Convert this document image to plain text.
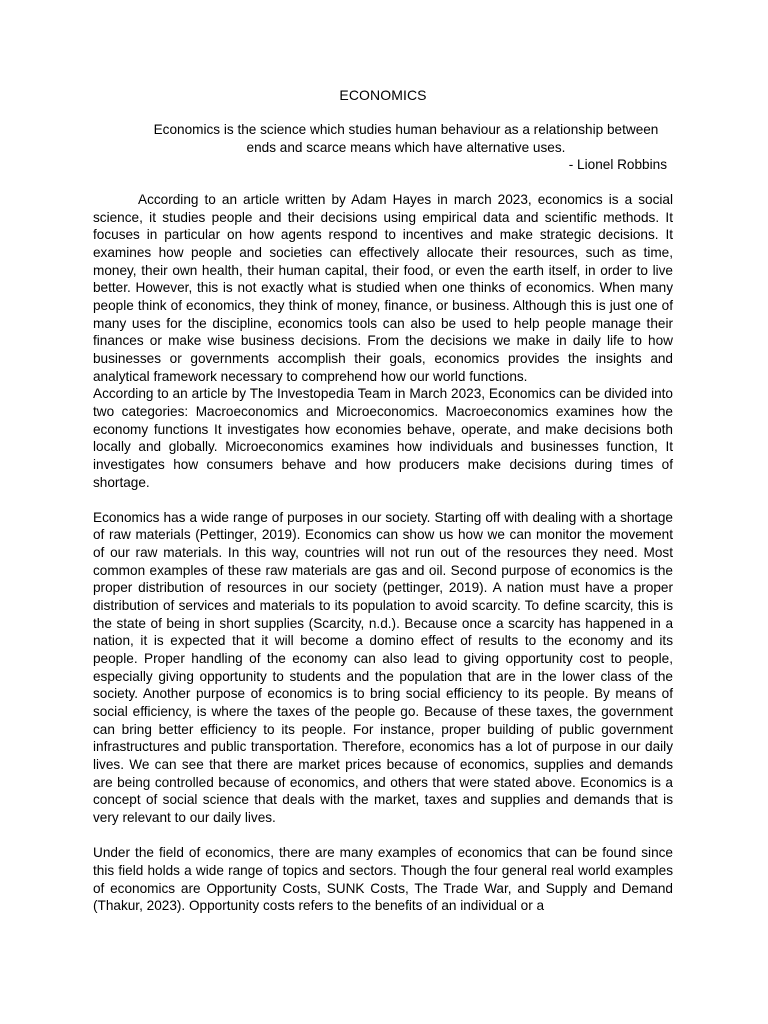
ECONOMICS
Economics is the science which studies human behaviour as a relationship between ends and scarce means which have alternative uses.
- Lionel Robbins

According to an article written by Adam Hayes in march 2023, economics is a social science, it studies people and their decisions using empirical data and scientific methods. It focuses in particular on how agents respond to incentives and make strategic decisions. It examines how people and societies can effectively allocate their resources, such as time, money, their own health, their human capital, their food, or even the earth itself, in order to live better. However, this is not exactly what is studied when one thinks of economics. When many people think of economics, they think of money, finance, or business. Although this is just one of many uses for the discipline, economics tools can also be used to help people manage their finances or make wise business decisions. From the decisions we make in daily life to how businesses or governments accomplish their goals, economics provides the insights and analytical framework necessary to comprehend how our world functions.

According to an article by The Investopedia Team in March 2023, Economics can be divided into two categories: Macroeconomics and Microeconomics. Macroeconomics examines how the economy functions It investigates how economies behave, operate, and make decisions both locally and globally. Microeconomics examines how individuals and businesses function, It investigates how consumers behave and how producers make decisions during times of shortage.

Economics has a wide range of purposes in our society. Starting off with dealing with a shortage of raw materials (Pettinger, 2019). Economics can show us how we can monitor the movement of our raw materials. In this way, countries will not run out of the resources they need. Most common examples of these raw materials are gas and oil. Second purpose of economics is the proper distribution of resources in our society (pettinger, 2019). A nation must have a proper distribution of services and materials to its population to avoid scarcity. To define scarcity, this is the state of being in short supplies (Scarcity, n.d.). Because once a scarcity has happened in a nation, it is expected that it will become a domino effect of results to the economy and its people. Proper handling of the economy can also lead to giving opportunity cost to people, especially giving opportunity to students and the population that are in the lower class of the society. Another purpose of economics is to bring social efficiency to its people. By means of social efficiency, is where the taxes of the people go. Because of these taxes, the government can bring better efficiency to its people. For instance, proper building of public government infrastructures and public transportation. Therefore, economics has a lot of purpose in our daily lives. We can see that there are market prices because of economics, supplies and demands are being controlled because of economics, and others that were stated above. Economics is a concept of social science that deals with the market, taxes and supplies and demands that is very relevant to our daily lives.

Under the field of economics, there are many examples of economics that can be found since this field holds a wide range of topics and sectors. Though the four general real world examples of economics are Opportunity Costs, SUNK Costs, The Trade War, and Supply and Demand (Thakur, 2023). Opportunity costs refers to the benefits of an individual or a
